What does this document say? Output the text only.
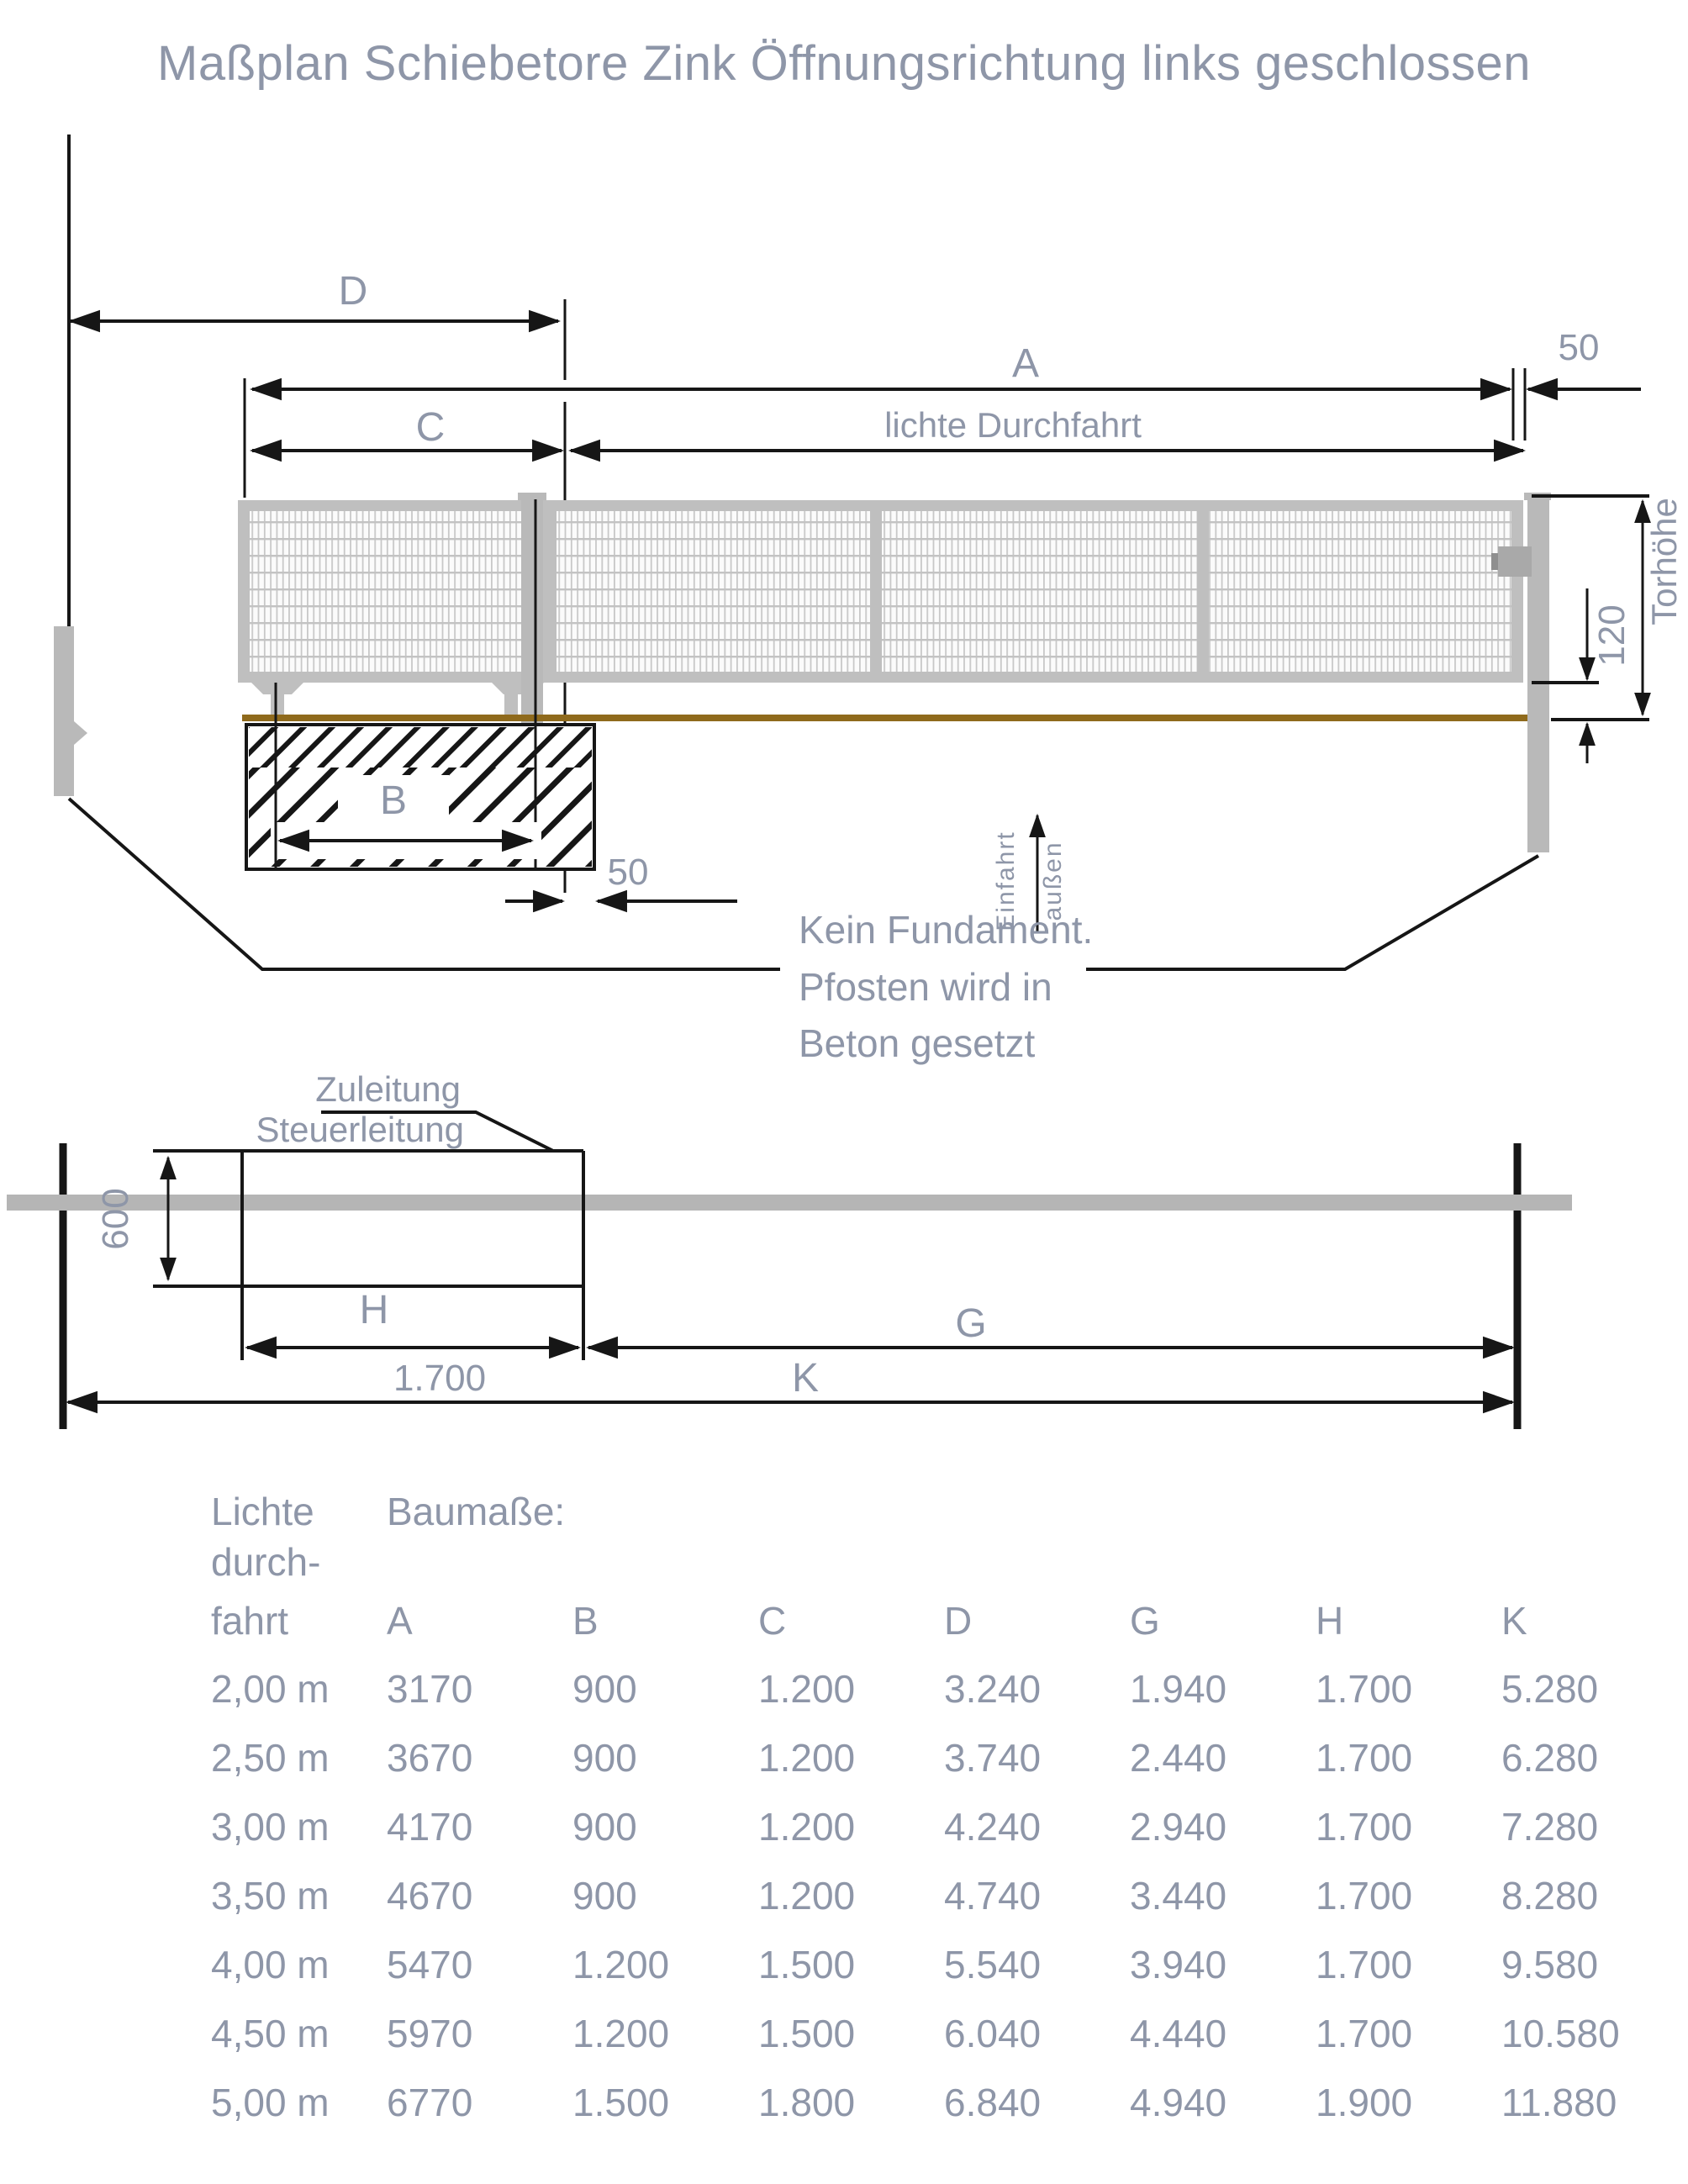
Maßplan Schiebetore Zink Öffnungsrichtung links geschlossen
D
A	50
C	lichte Durchfahrt
B
50
120
Torhöhe
Einfahrt außen
Kein Fundament.
Pfosten wird in
Beton gesetzt
600
Zuleitung
Steuerleitung
H
1.700
G
K
Lichte	Baumaße:
durch-
fahrt	A	B	C	D	G	H	K
2,00 m	3170	900	1.200	3.240	1.940	1.700	5.280
2,50 m	3670	900	1.200	3.740	2.440	1.700	6.280
3,00 m	4170	900	1.200	4.240	2.940	1.700	7.280
3,50 m	4670	900	1.200	4.740	3.440	1.700	8.280
4,00 m	5470	1.200	1.500	5.540	3.940	1.700	9.580
4,50 m	5970	1.200	1.500	6.040	4.440	1.700	10.580
5,00 m	6770	1.500	1.800	6.840	4.940	1.900	11.880
